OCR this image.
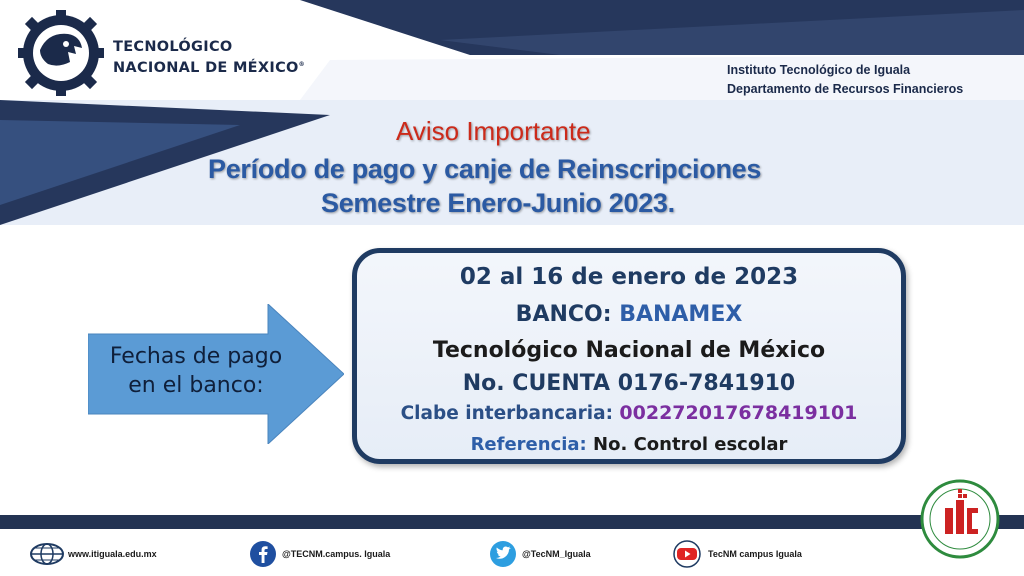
TECNOLÓGICO
NACIONAL DE MÉXICO®	Instituto Tecnológico de Iguala
Departamento de Recursos Financieros
Aviso Importante
Período de pago y canje de Reinscripciones
Semestre Enero-Junio 2023.
Fechas de pago
en el banco:
02 al 16 de enero de 2023
BANCO: BANAMEX
Tecnológico Nacional de México
No. CUENTA 0176-7841910
Clabe interbancaria: 002272017678419101
Referencia: No. Control escolar
www.itiguala.edu.mx	@TECNM.campus. Iguala	@TecNM_Iguala	TecNM campus Iguala
